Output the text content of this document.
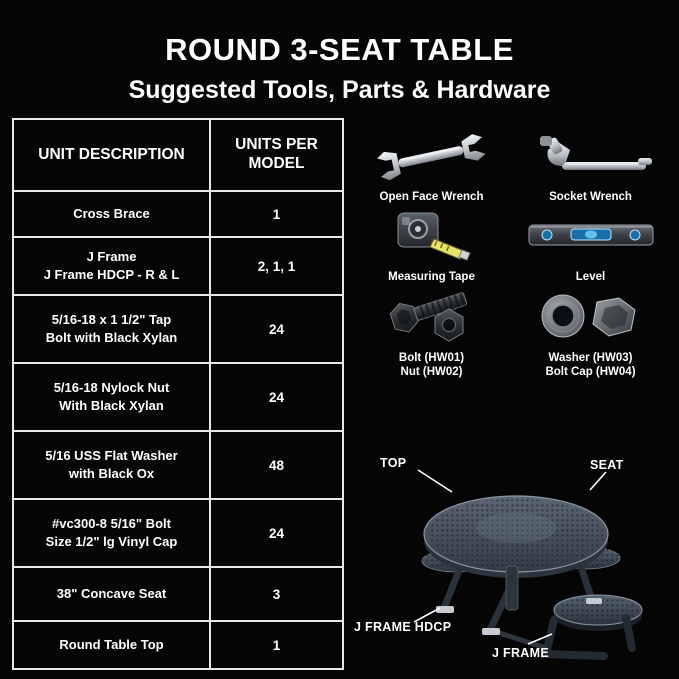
ROUND 3-SEAT TABLE
Suggested Tools, Parts & Hardware
UNIT DESCRIPTION	UNITS PER
MODEL
Cross Brace	1
J Frame
J Frame HDCP - R & L	2, 1, 1
5/16-18 x 1 1/2" Tap
Bolt with Black Xylan	24
5/16-18 Nylock Nut
With Black Xylan	24
5/16 USS Flat Washer
with Black Ox	48
#vc300-8 5/16" Bolt
Size 1/2" lg Vinyl Cap	24
38" Concave Seat	3
Round Table Top	1
Open Face Wrench	Socket Wrench
Measuring Tape	Level
Bolt (HW01)
Nut (HW02)
Washer (HW03)
Bolt Cap (HW04)
TOP	SEAT
J FRAME HDCP
J FRAME
